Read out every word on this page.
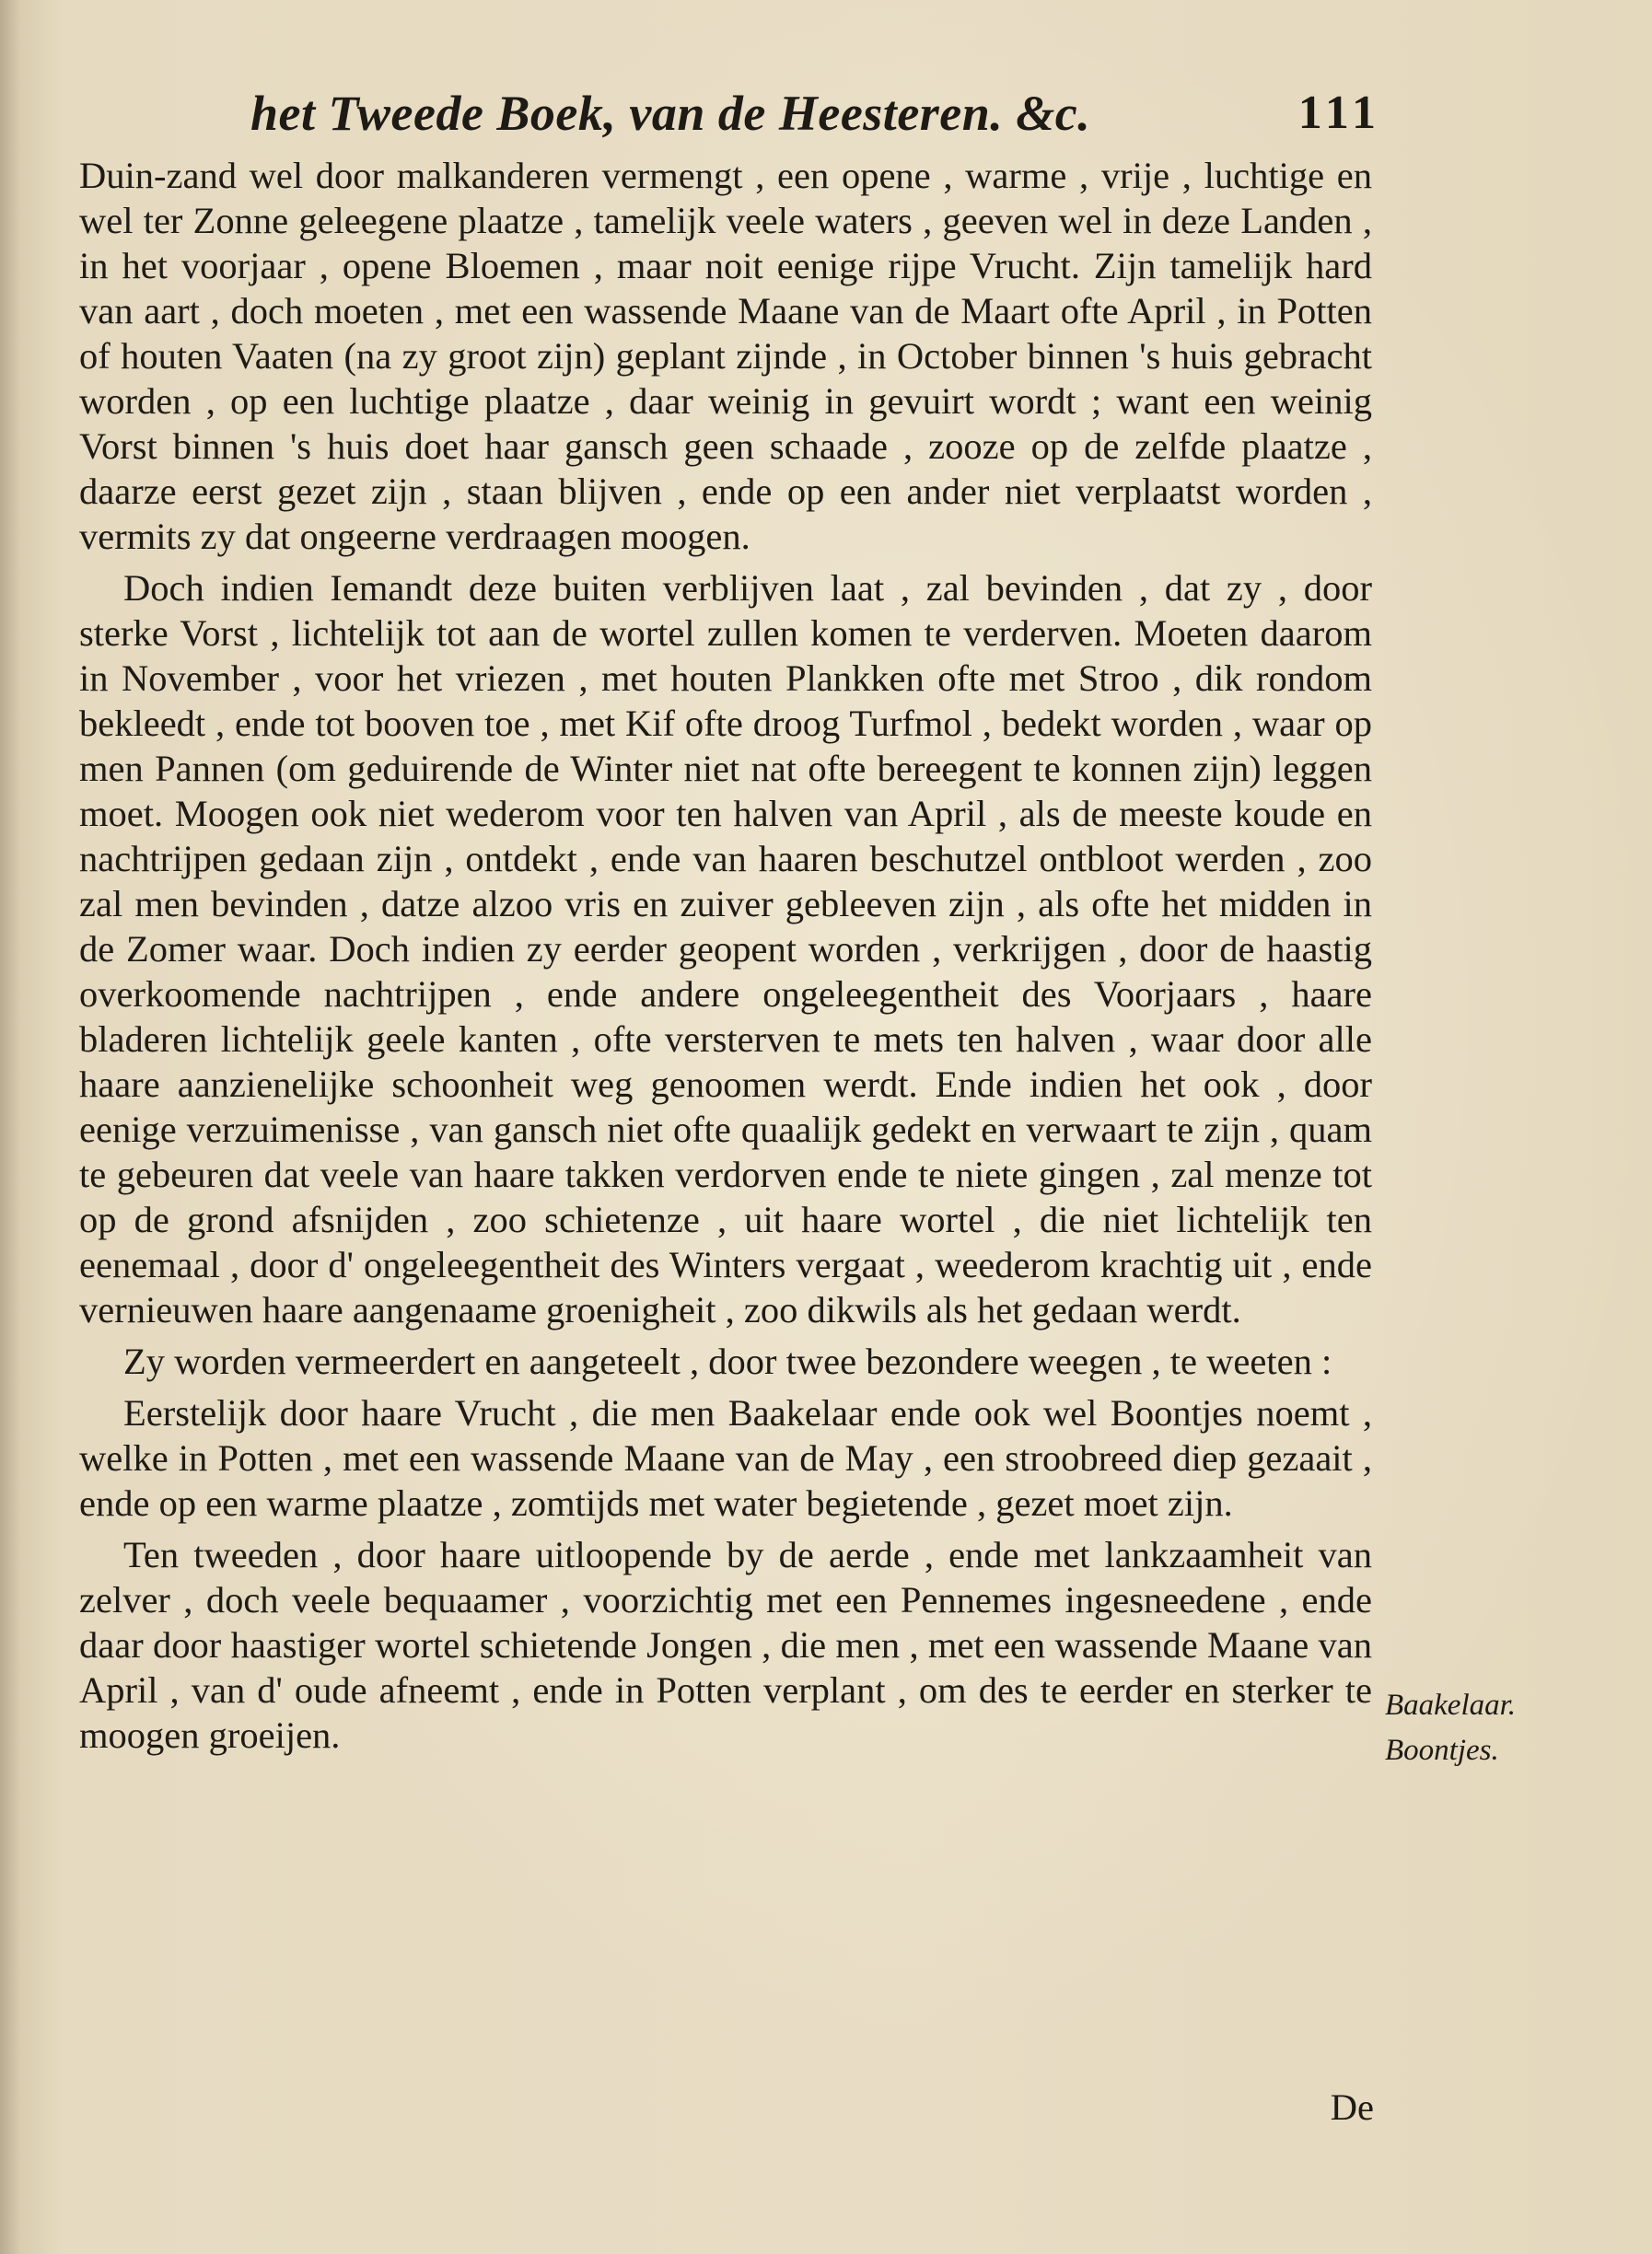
het Tweede Boek, van de Heesteren. &c.	111

Duin-zand wel door malkanderen vermengt , een opene , warme , vrije , luchtige en wel ter Zonne geleegene plaatze , tamelijk veele waters , geeven wel in deze Landen , in het voorjaar , opene Bloemen , maar noit eenige rijpe Vrucht. Zijn tamelijk hard van aart , doch moeten , met een wassende Maane van de Maart ofte April , in Potten of houten Vaaten (na zy groot zijn) geplant zijnde , in October binnen 's huis gebracht worden , op een luchtige plaatze , daar weinig in gevuirt wordt ; want een weinig Vorst binnen 's huis doet haar gansch geen schaade , zooze op de zelfde plaatze , daarze eerst gezet zijn , staan blijven , ende op een ander niet verplaatst worden , vermits zy dat ongeerne verdraagen moogen.

Doch indien Iemandt deze buiten verblijven laat , zal bevinden , dat zy , door sterke Vorst , lichtelijk tot aan de wortel zullen komen te verderven. Moeten daarom in November , voor het vriezen , met houten Plankken ofte met Stroo , dik rondom bekleedt , ende tot booven toe , met Kif ofte droog Turfmol , bedekt worden , waar op men Pannen (om geduirende de Winter niet nat ofte bereegent te konnen zijn) leggen moet. Moogen ook niet wederom voor ten halven van April , als de meeste koude en nachtrijpen gedaan zijn , ontdekt , ende van haaren beschutzel ontbloot werden , zoo zal men bevinden , datze alzoo vris en zuiver gebleeven zijn , als ofte het midden in de Zomer waar. Doch indien zy eerder geopent worden , verkrijgen , door de haastig overkoomende nachtrijpen , ende andere ongeleegentheit des Voorjaars , haare bladeren lichtelijk geele kanten , ofte versterven te mets ten halven , waar door alle haare aanzienelijke schoonheit weg genoomen werdt. Ende indien het ook , door eenige verzuimenisse , van gansch niet ofte quaalijk gedekt en verwaart te zijn , quam te gebeuren dat veele van haare takken verdorven ende te niete gingen , zal menze tot op de grond afsnijden , zoo schietenze , uit haare wortel , die niet lichtelijk ten eenemaal , door d' ongeleegentheit des Winters vergaat , weederom krachtig uit , ende vernieuwen haare aangenaame groenigheit , zoo dikwils als het gedaan werdt.

Zy worden vermeerdert en aangeteelt , door twee bezondere weegen , te weeten :

Eerstelijk door haare Vrucht , die men Baakelaar ende ook wel Boontjes noemt , welke in Potten , met een wassende Maane van de May , een stroobreed diep gezaait , ende op een warme plaatze , zomtijds met water begietende , gezet moet zijn.

Ten tweeden , door haare uitloopende by de aerde , ende met lankzaamheit van zelver , doch veele bequaamer , voorzichtig met een Pennemes ingesneedene , ende daar door haastiger wortel schietende Jongen , die men , met een wassende Maane van April , van d' oude afneemt , ende in Potten verplant , om des te eerder en sterker te moogen groeijen.

Baakelaar.
Boontjes.
De
